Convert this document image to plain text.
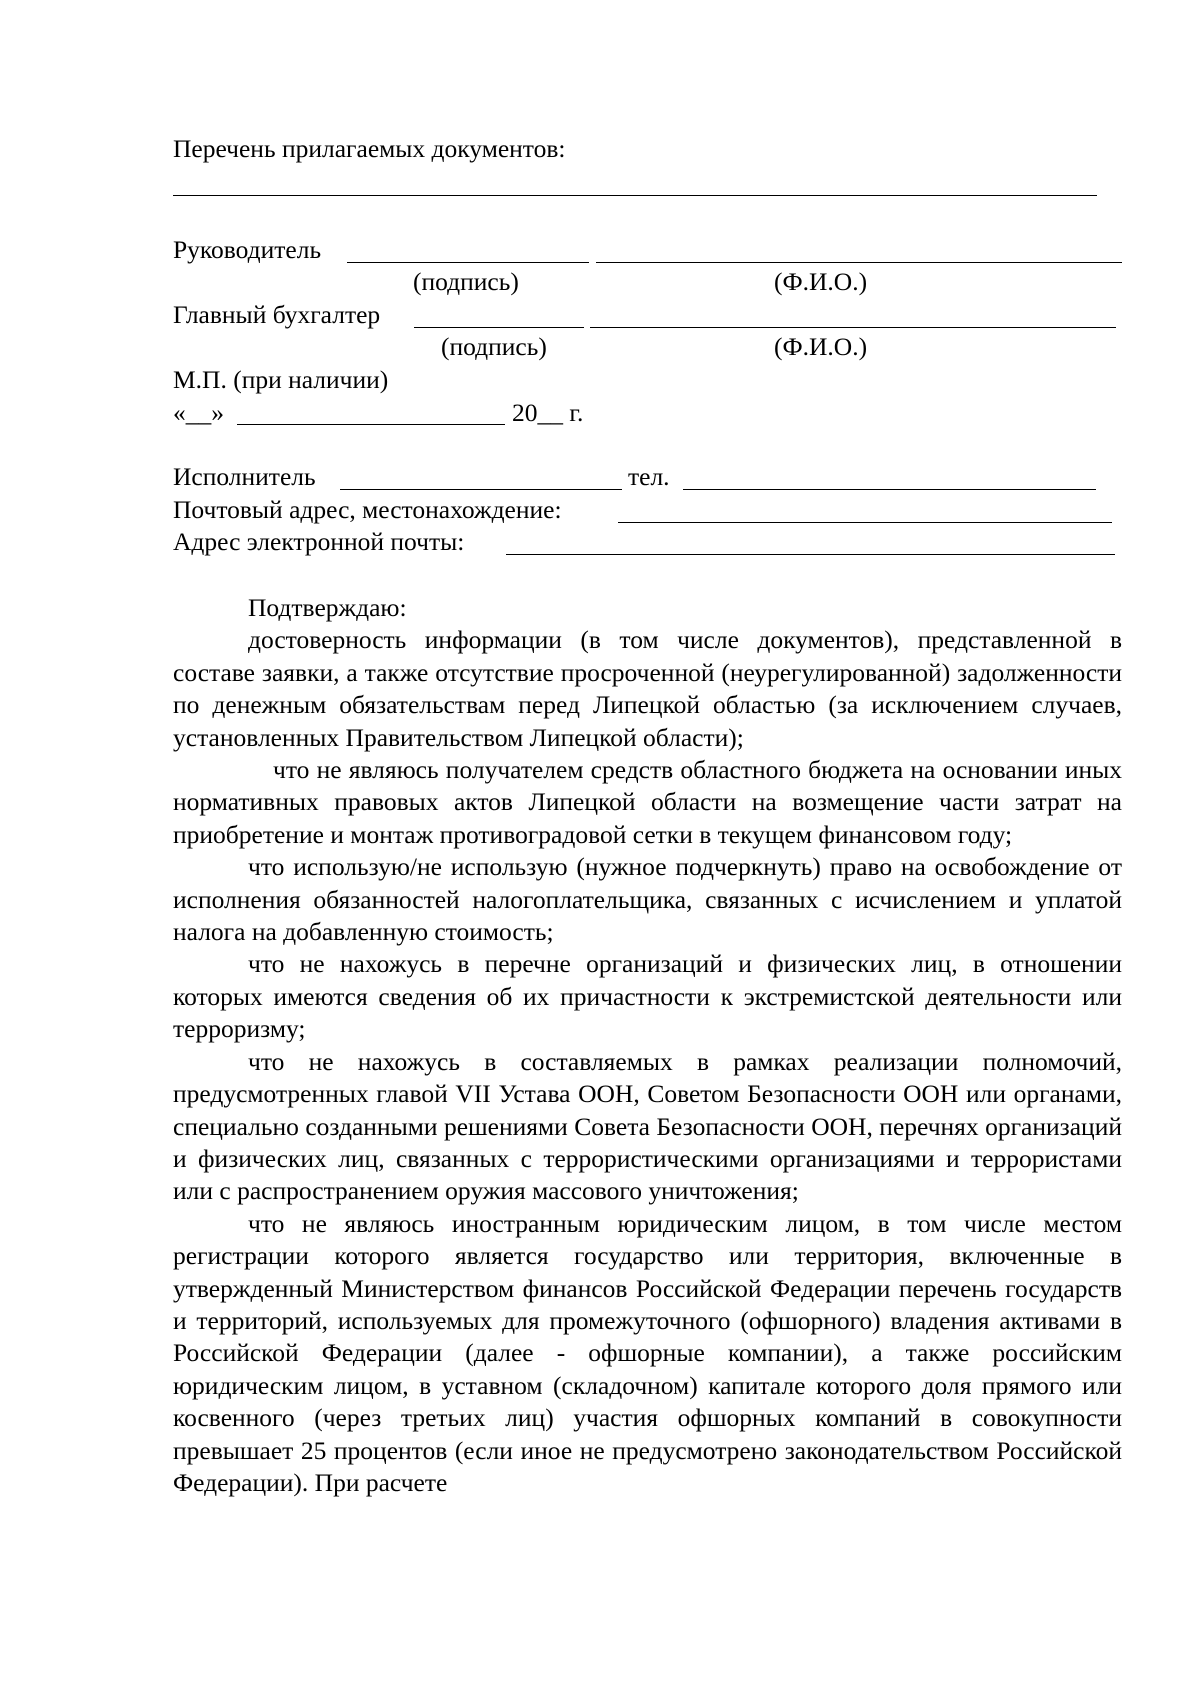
Перечень прилагаемых документов:
Руководитель
(подпись)	(Ф.И.О.)
Главный бухгалтер
(подпись)	(Ф.И.О.)
М.П. (при наличии)
«__»	20__ г.
Исполнитель	тел.
Почтовый адрес, местонахождение:
Адрес электронной почты:

Подтверждаю:

достоверность информации (в том числе документов), представленной в составе заявки, а также отсутствие просроченной (неурегулированной) задолженности по денежным обязательствам перед Липецкой областью (за исключением случаев, установленных Правительством Липецкой области);

что не являюсь получателем средств областного бюджета на основании иных нормативных правовых актов Липецкой области на возмещение части затрат на приобретение и монтаж противоградовой сетки в текущем финансовом году;

что использую/не использую (нужное подчеркнуть) право на освобождение от исполнения обязанностей налогоплательщика, связанных с исчислением и уплатой налога на добавленную стоимость;

что не нахожусь в перечне организаций и физических лиц, в отношении которых имеются сведения об их причастности к экстремистской деятельности или терроризму;

что не нахожусь в составляемых в рамках реализации полномочий, предусмотренных главой VII Устава ООН, Советом Безопасности ООН или органами, специально созданными решениями Совета Безопасности ООН, перечнях организаций и физических лиц, связанных с террористическими организациями и террористами или с распространением оружия массового уничтожения;

что не являюсь иностранным юридическим лицом, в том числе местом регистрации которого является государство или территория, включенные в утвержденный Министерством финансов Российской Федерации перечень государств и территорий, используемых для промежуточного (офшорного) владения активами в Российской Федерации (далее - офшорные компании), а также российским юридическим лицом, в уставном (складочном) капитале которого доля прямого или косвенного (через третьих лиц) участия офшорных компаний в совокупности превышает 25 процентов (если иное не предусмотрено законодательством Российской Федерации). При расчете
